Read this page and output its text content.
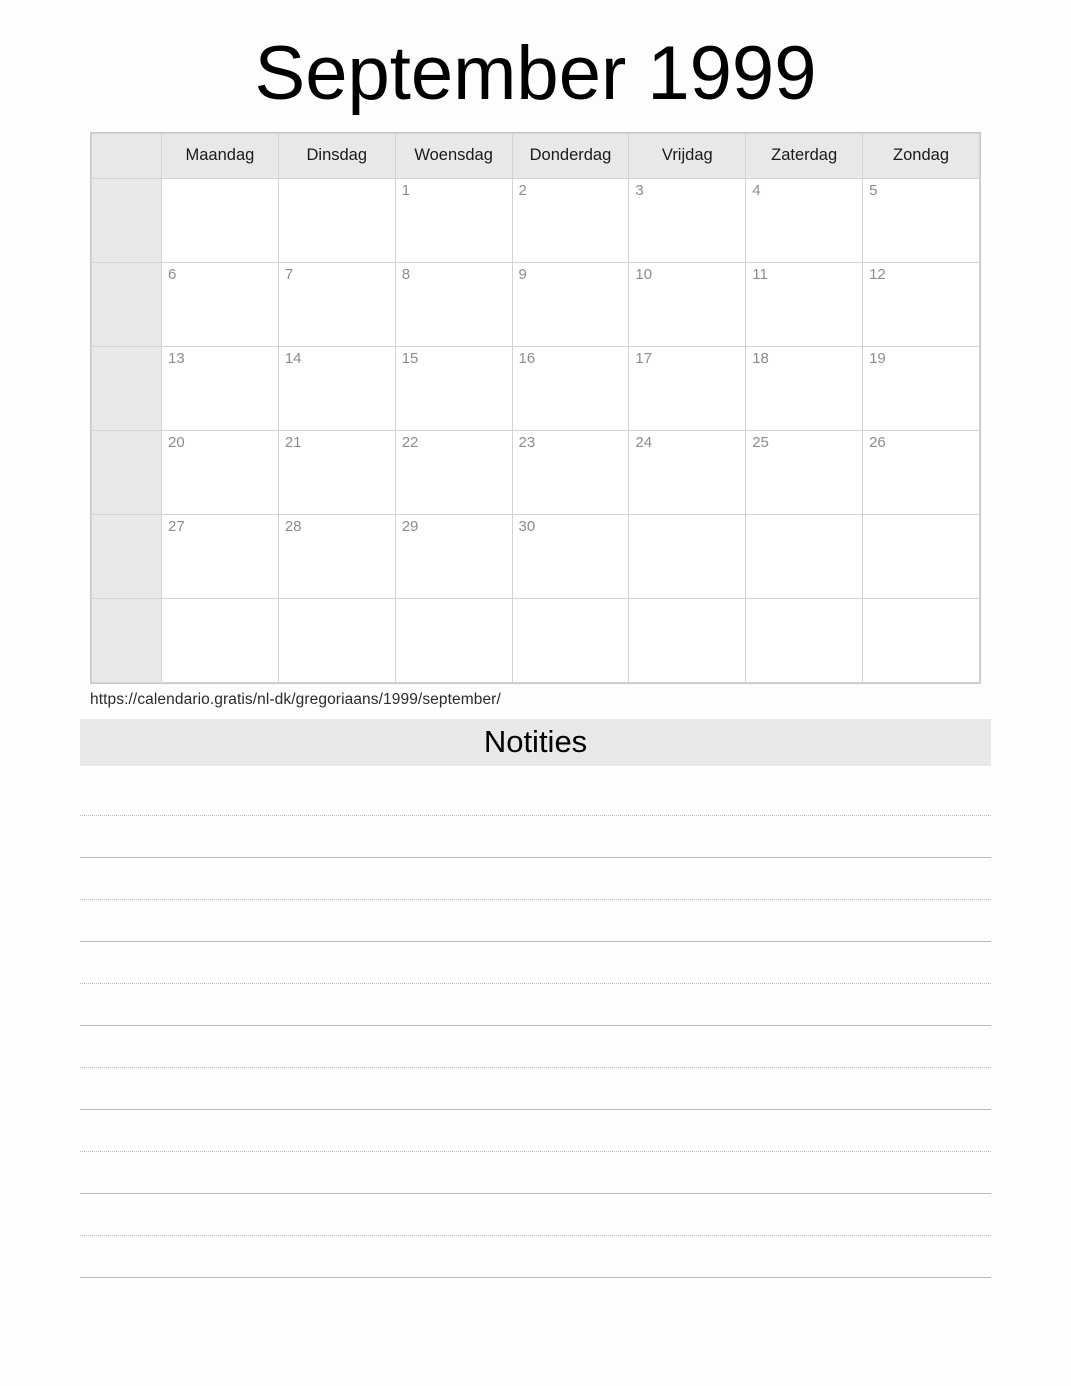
September 1999
	Maandag	Dinsdag	Woensdag	Donderdag	Vrijdag	Zaterdag	Zondag

			1	2	3	4	5

	6	7	8	9	10	11	12

	13	14	15	16	17	18	19

	20	21	22	23	24	25	26

	27	28	29	30			

https://calendario.gratis/nl-dk/gregoriaans/1999/september/
Notities
